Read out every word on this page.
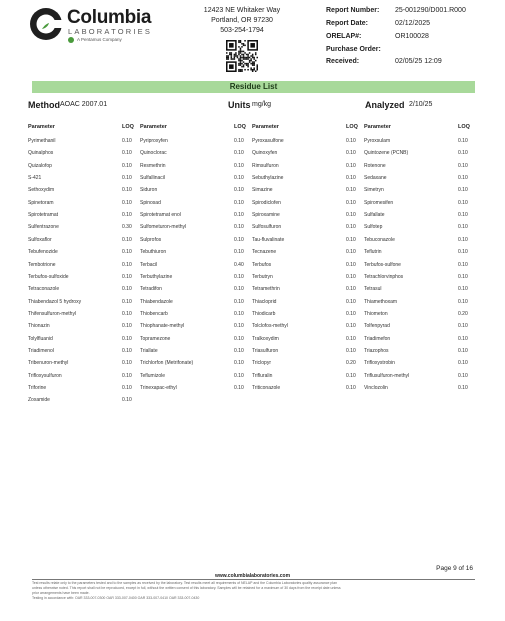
Columbia
LABORATORIES
A Pentamus Company
12423 NE Whitaker Way
Portland, OR 97230
503-254-1794
Report Number: 25-001290/D001.R000
Report Date:	02/12/2025
ORELAP#:	OR100028
Purchase Order:
Received:	02/05/25 12:09
Residue List
Method AOAC 2007.01	Units mg/kg	Analyzed 2/10/25
Parameter	LOQ
Pyrimethanil	0.10
Quinalphos	0.10
Quizalofop	0.10
S-421	0.10
Sethoxydim	0.10
Spinetoram	0.10
Spirotetramat	0.10
Sulfentrazone	0.30
Sulfoxaflor	0.10
Tebufenozide	0.10
Tembotrione	0.10
Terbufos-sulfoxide	0.10
Tetraconazole	0.10
Thiabendazol 5 hydroxy	0.10
Thifensulfuron-methyl	0.10
Thionazin	0.10
Tolylfluanid	0.10
Triadimenol	0.10
Tribenuron-methyl	0.10
Trifloxysulfuron	0.10
Triforine	0.10
Zoxamide	0.10
Parameter	LOQ
Pyriproxyfen	0.10
Quinoclorac	0.10
Resmethrin	0.10
Sulfallinacil	0.10
Siduron	0.10
Spinosad	0.10
Spirotetramat enol	0.10
Sulfometuron-methyl	0.10
Sulprofos	0.10
Tebuthiuron	0.10
Terbacil	0.40
Terbuthylazine	0.10
Tetradifon	0.10
Thiabendazole	0.10
Thiobencarb	0.10
Thiophanate-methyl	0.10
Topramezone	0.10
Triallate	0.10
Trichlorfon (Metrifonate)	0.10
Teflumizole	0.10
Trinexapac-ethyl	0.10
Parameter	LOQ
Pyroxasulfone	0.10
Quinoxyfen	0.10
Rimsulfuron	0.10
Sebuthylazine	0.10
Simazine	0.10
Spirodiclofen	0.10
Spiroxamine	0.10
Sulfosulfuron	0.10
Tau-fluvalinate	0.10
Tecnazene	0.10
Terbufos	0.10
Terbutryn	0.10
Tetramethrin	0.10
Thiacloprid	0.10
Thiodicarb	0.10
Tolclofos-methyl	0.10
Tralkoxydim	0.10
Triasulfuron	0.10
Triclopyr	0.20
Trifluralin	0.10
Triticonazole	0.10
Parameter	LOQ
Pyroxsulam	0.10
Quintozene (PCNB)	0.10
Rotenone	0.10
Sedaxane	0.10
Simetryn	0.10
Spiromesifen	0.10
Sulfallate	0.10
Sulfotep	0.10
Tebuconazole	0.10
Teflutrin	0.10
Terbufos-sulfone	0.10
Tetrachlorvinphos	0.10
Tetrasul	0.10
Thiamethoxam	0.10
Thiometon	0.20
Tolfenpyrad	0.10
Triadimefon	0.10
Triazophos	0.10
Trifloxystrobin	0.10
Triflusulfuron-methyl	0.10
Vinclozolin	0.10
Page 9 of 16
www.columbialaboratories.com
Test results relate only to the parameters tested and to the samples as received by the laboratory. Test results meet all requirements of NELAP and the Columbia Laboratories quality assurance plan
unless otherwise noted. This report shall not be reproduced, except in full, without the written consent of this laboratory. Samples will be retained for a maximum of 30 days from the receipt date unless
prior arrangements have been made.
Testing in accordance with: OAR 333-007-0300 OAR 333-007-0400 OAR 333-007-0410 OAR 333-007-0430
